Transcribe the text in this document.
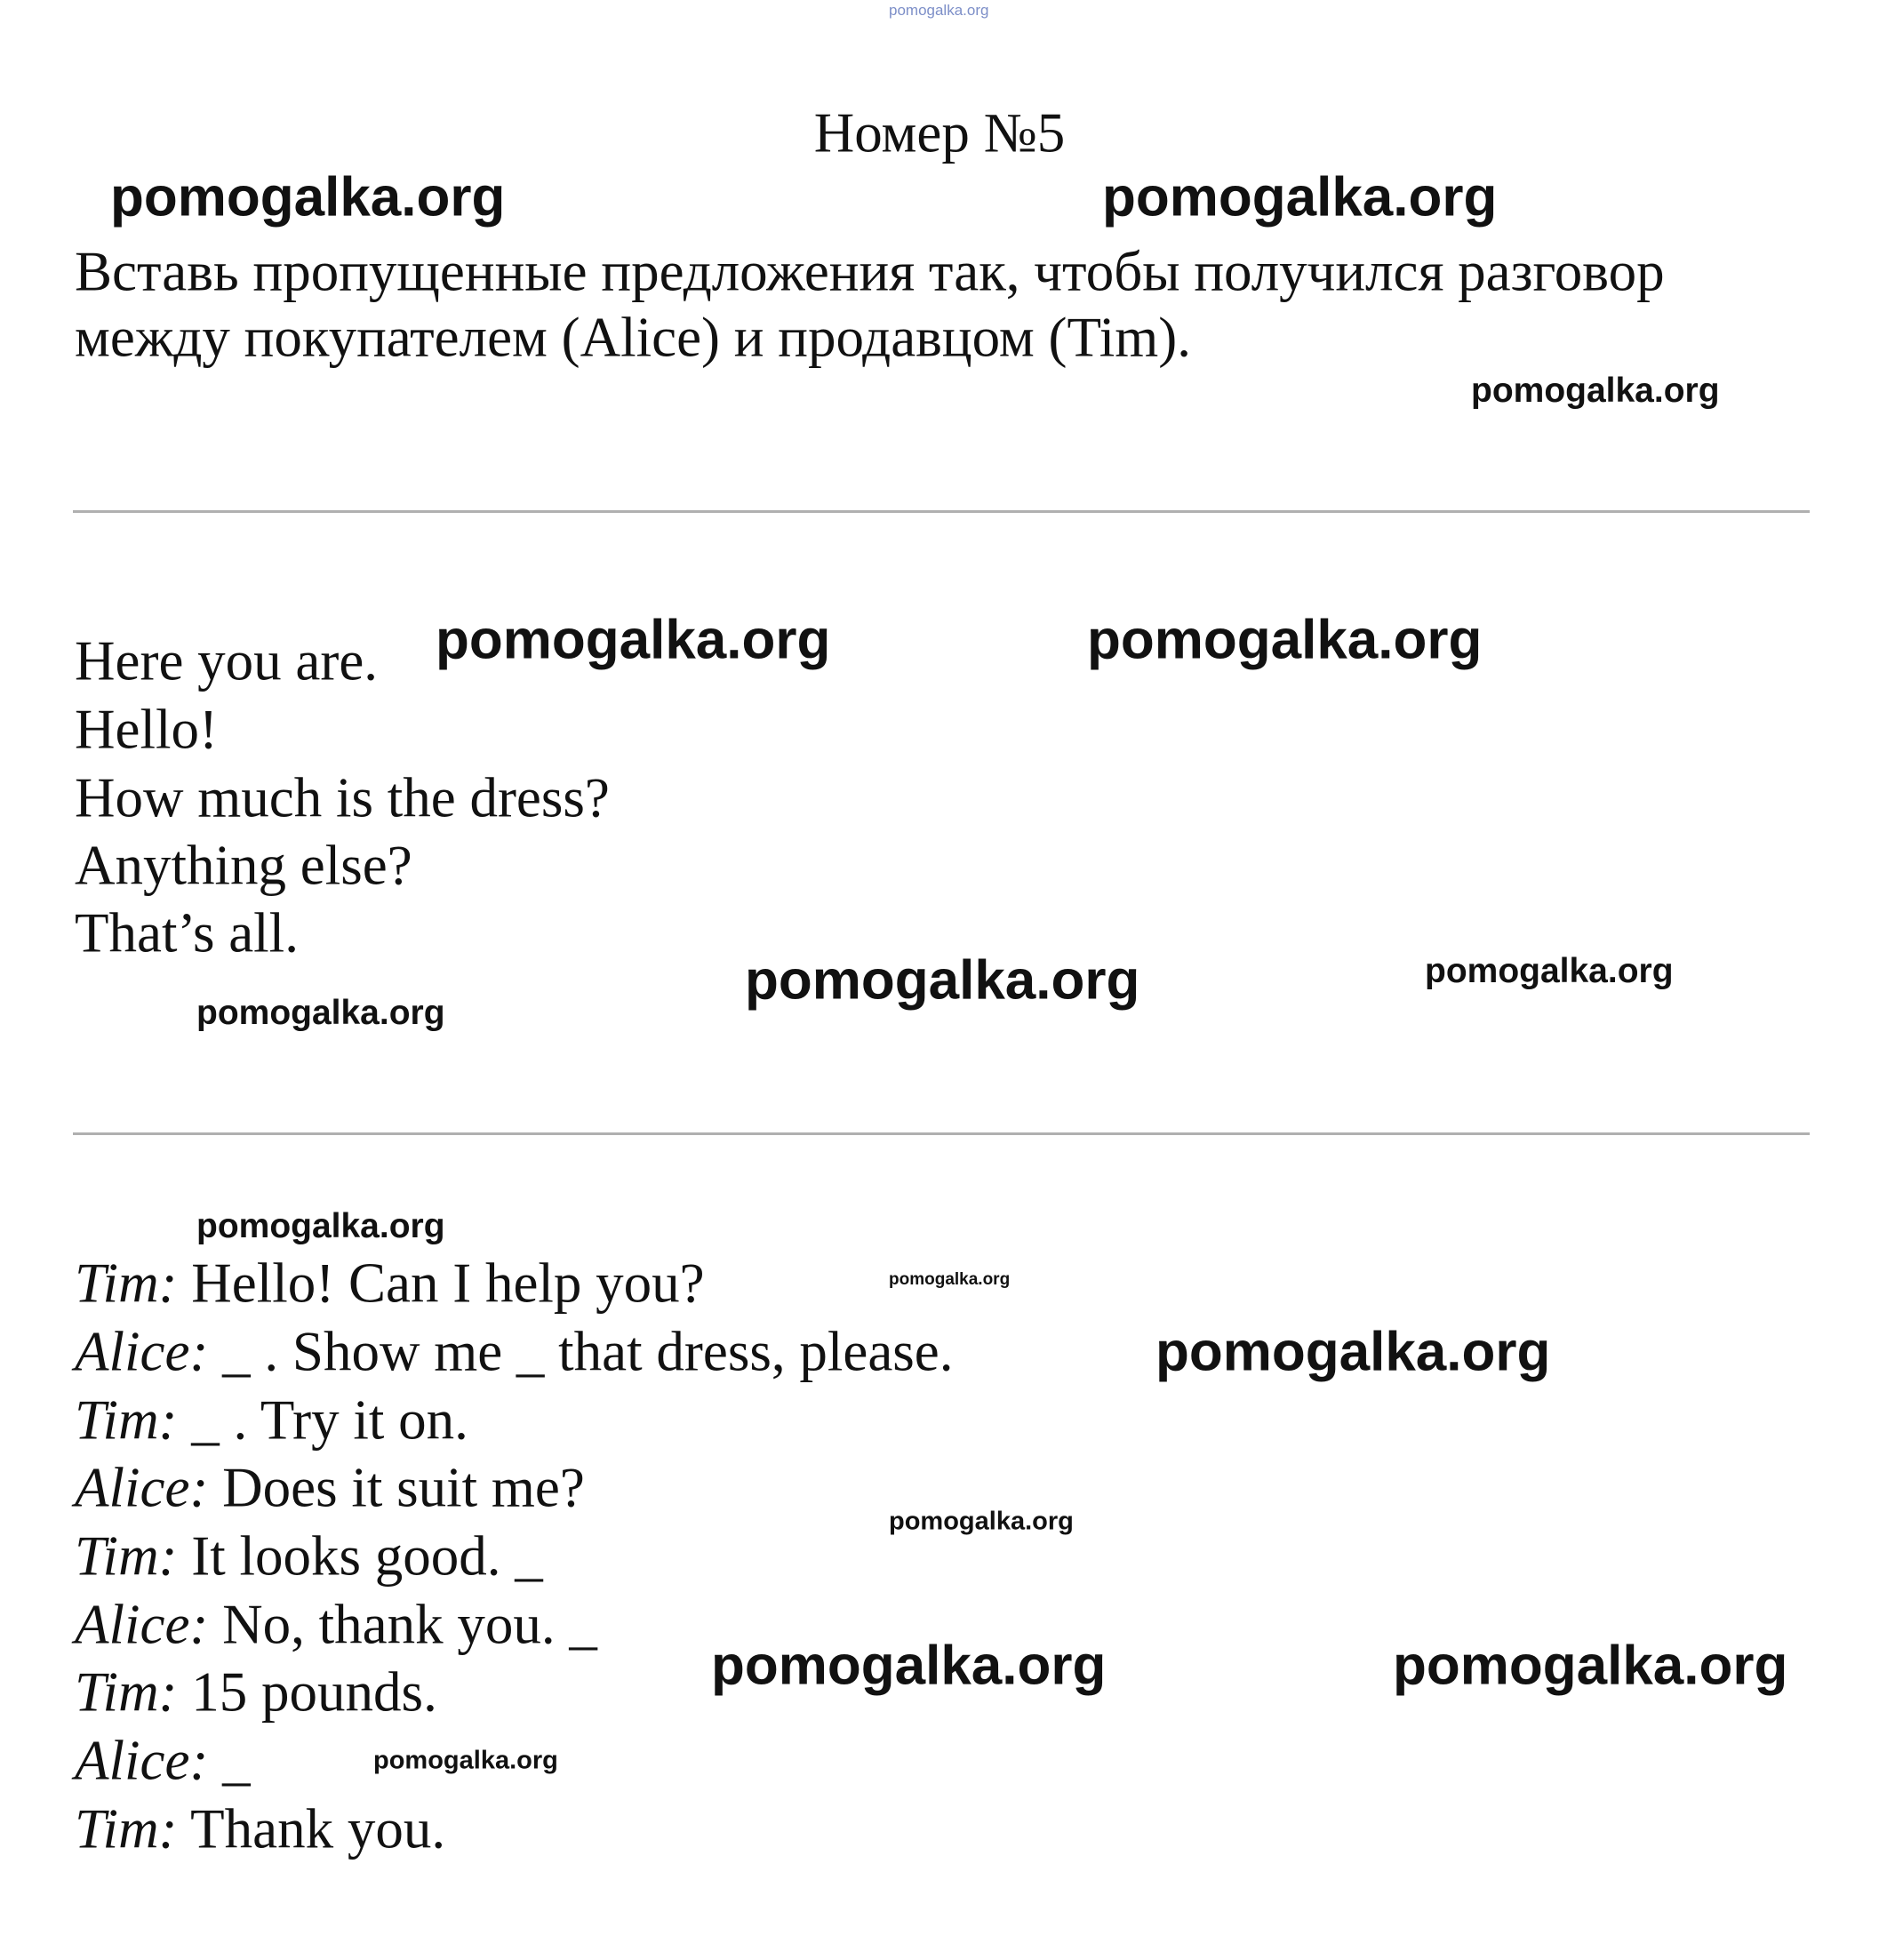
pomogalka.org
Номер №5
Вставь пропущенные предложения так, чтобы получился разговор
между покупателем (Alice) и продавцом (Tim).
Here you are.
Hello!
How much is the dress?
Anything else?
That’s all.
Tim: Hello! Can I help you?
Alice: _ . Show me _ that dress, please.
Tim: _ . Try it on.
Alice: Does it suit me?
Tim: It looks good. _
Alice: No, thank you. _
Tim: 15 pounds.
Alice: _
Tim: Thank you.
pomogalka.org	pomogalka.org
pomogalka.org
pomogalka.org	pomogalka.org
pomogalka.org	pomogalka.org
pomogalka.org
pomogalka.org
pomogalka.org
pomogalka.org
pomogalka.org
pomogalka.org	pomogalka.org
pomogalka.org
